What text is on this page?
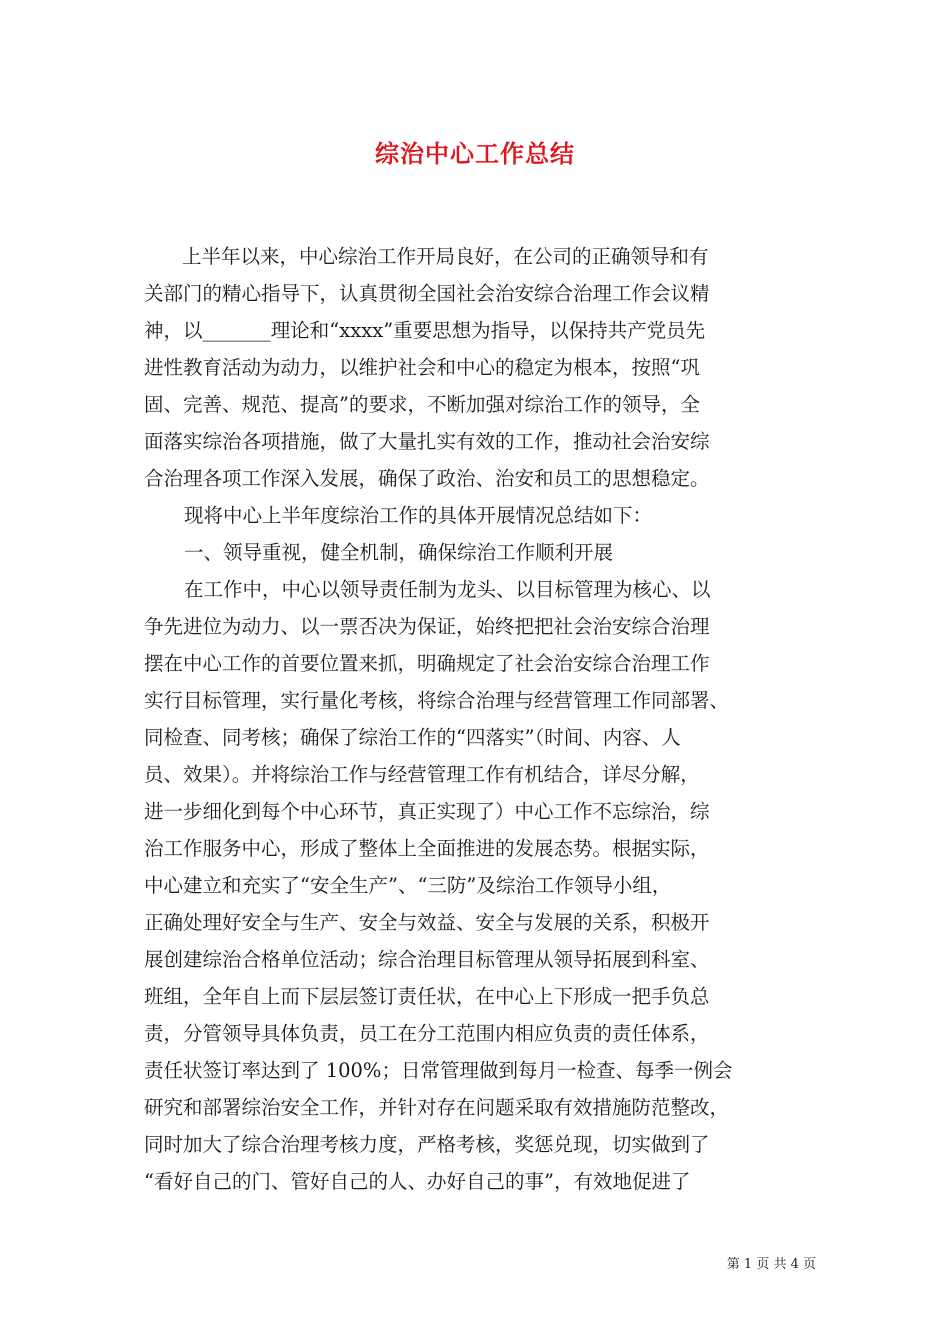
综治中心工作总结
上半年以来，中心综治工作开局良好，在公司的正确领导和有
关部门的精心指导下，认真贯彻全国社会治安综合治理工作会议精
神，以_______理论和“xxxx”重要思想为指导，以保持共产党员先
进性教育活动为动力，以维护社会和中心的稳定为根本，按照“巩
固、完善、规范、提高”的要求，不断加强对综治工作的领导，全
面落实综治各项措施，做了大量扎实有效的工作，推动社会治安综
合治理各项工作深入发展，确保了政治、治安和员工的思想稳定。
现将中心上半年度综治工作的具体开展情况总结如下：
一、领导重视，健全机制，确保综治工作顺利开展
在工作中，中心以领导责任制为龙头、以目标管理为核心、以
争先进位为动力、以一票否决为保证，始终把把社会治安综合治理
摆在中心工作的首要位置来抓，明确规定了社会治安综合治理工作
实行目标管理，实行量化考核，将综合治理与经营管理工作同部署、
同检查、同考核；确保了综治工作的“四落实”（时间、内容、人
员、效果）。并将综治工作与经营管理工作有机结合，详尽分解，
进一步细化到每个中心环节，真正实现了）中心工作不忘综治，综
治工作服务中心，形成了整体上全面推进的发展态势。根据实际，
中心建立和充实了“安全生产”、“三防”及综治工作领导小组，
正确处理好安全与生产、安全与效益、安全与发展的关系，积极开
展创建综治合格单位活动；综合治理目标管理从领导拓展到科室、
班组，全年自上而下层层签订责任状，在中心上下形成一把手负总
责，分管领导具体负责，员工在分工范围内相应负责的责任体系，
责任状签订率达到了 100%；日常管理做到每月一检查、每季一例会
研究和部署综治安全工作，并针对存在问题采取有效措施防范整改，
同时加大了综合治理考核力度，严格考核，奖惩兑现，切实做到了
“看好自己的门、管好自己的人、办好自己的事”，有效地促进了
第 1 页 共 4 页
